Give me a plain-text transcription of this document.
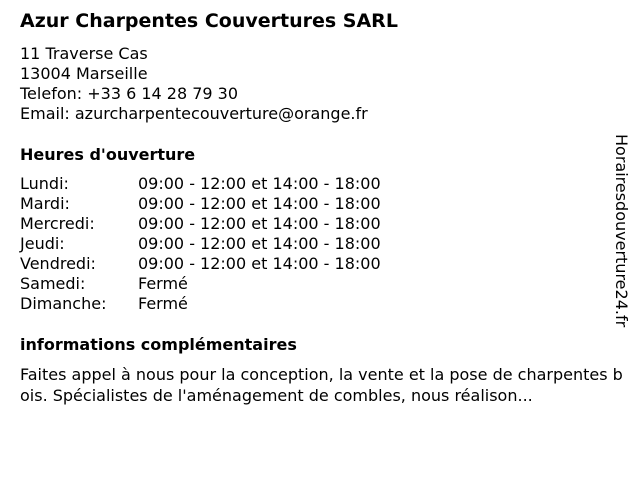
Azur Charpentes Couvertures SARL
11 Traverse Cas
13004 Marseille
Telefon: +33 6 14 28 79 30
Email: azurcharpentecouverture@orange.fr
Heures d'ouverture
Lundi:	09:00 - 12:00 et 14:00 - 18:00
Mardi:	09:00 - 12:00 et 14:00 - 18:00
Mercredi:	09:00 - 12:00 et 14:00 - 18:00
Jeudi:	09:00 - 12:00 et 14:00 - 18:00
Vendredi:	09:00 - 12:00 et 14:00 - 18:00
Samedi:	Fermé
Dimanche: Fermé
informations complémentaires
Faites appel à nous pour la conception, la vente et la pose de charpentes bois. Spécialistes de l'aménagement de combles, nous réalison...
Horairesdouverture24.fr
